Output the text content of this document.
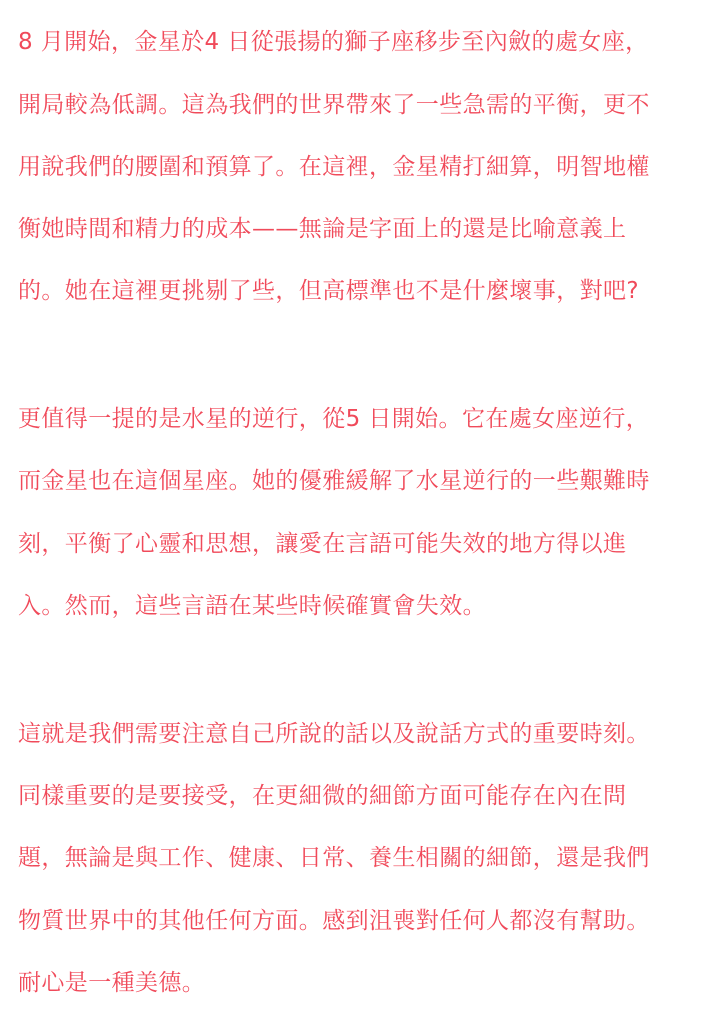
8 月開始，金星於4 日從張揚的獅子座移步至內斂的處女座，
開局較為低調。這為我們的世界帶來了一些急需的平衡，更不
用說我們的腰圍和預算了。在這裡，金星精打細算，明智地權
衡她時間和精力的成本——無論是字面上的還是比喻意義上
的。她在這裡更挑剔了些，但高標準也不是什麼壞事，對吧?
更值得一提的是水星的逆行，從5 日開始。它在處女座逆行，
而金星也在這個星座。她的優雅緩解了水星逆行的一些艱難時
刻，平衡了心靈和思想，讓愛在言語可能失效的地方得以進
入。然而，這些言語在某些時候確實會失效。
這就是我們需要注意自己所說的話以及說話方式的重要時刻。
同樣重要的是要接受，在更細微的細節方面可能存在內在問
題，無論是與工作、健康、日常、養生相關的細節，還是我們
物質世界中的其他任何方面。感到沮喪對任何人都沒有幫助。
耐心是一種美德。
